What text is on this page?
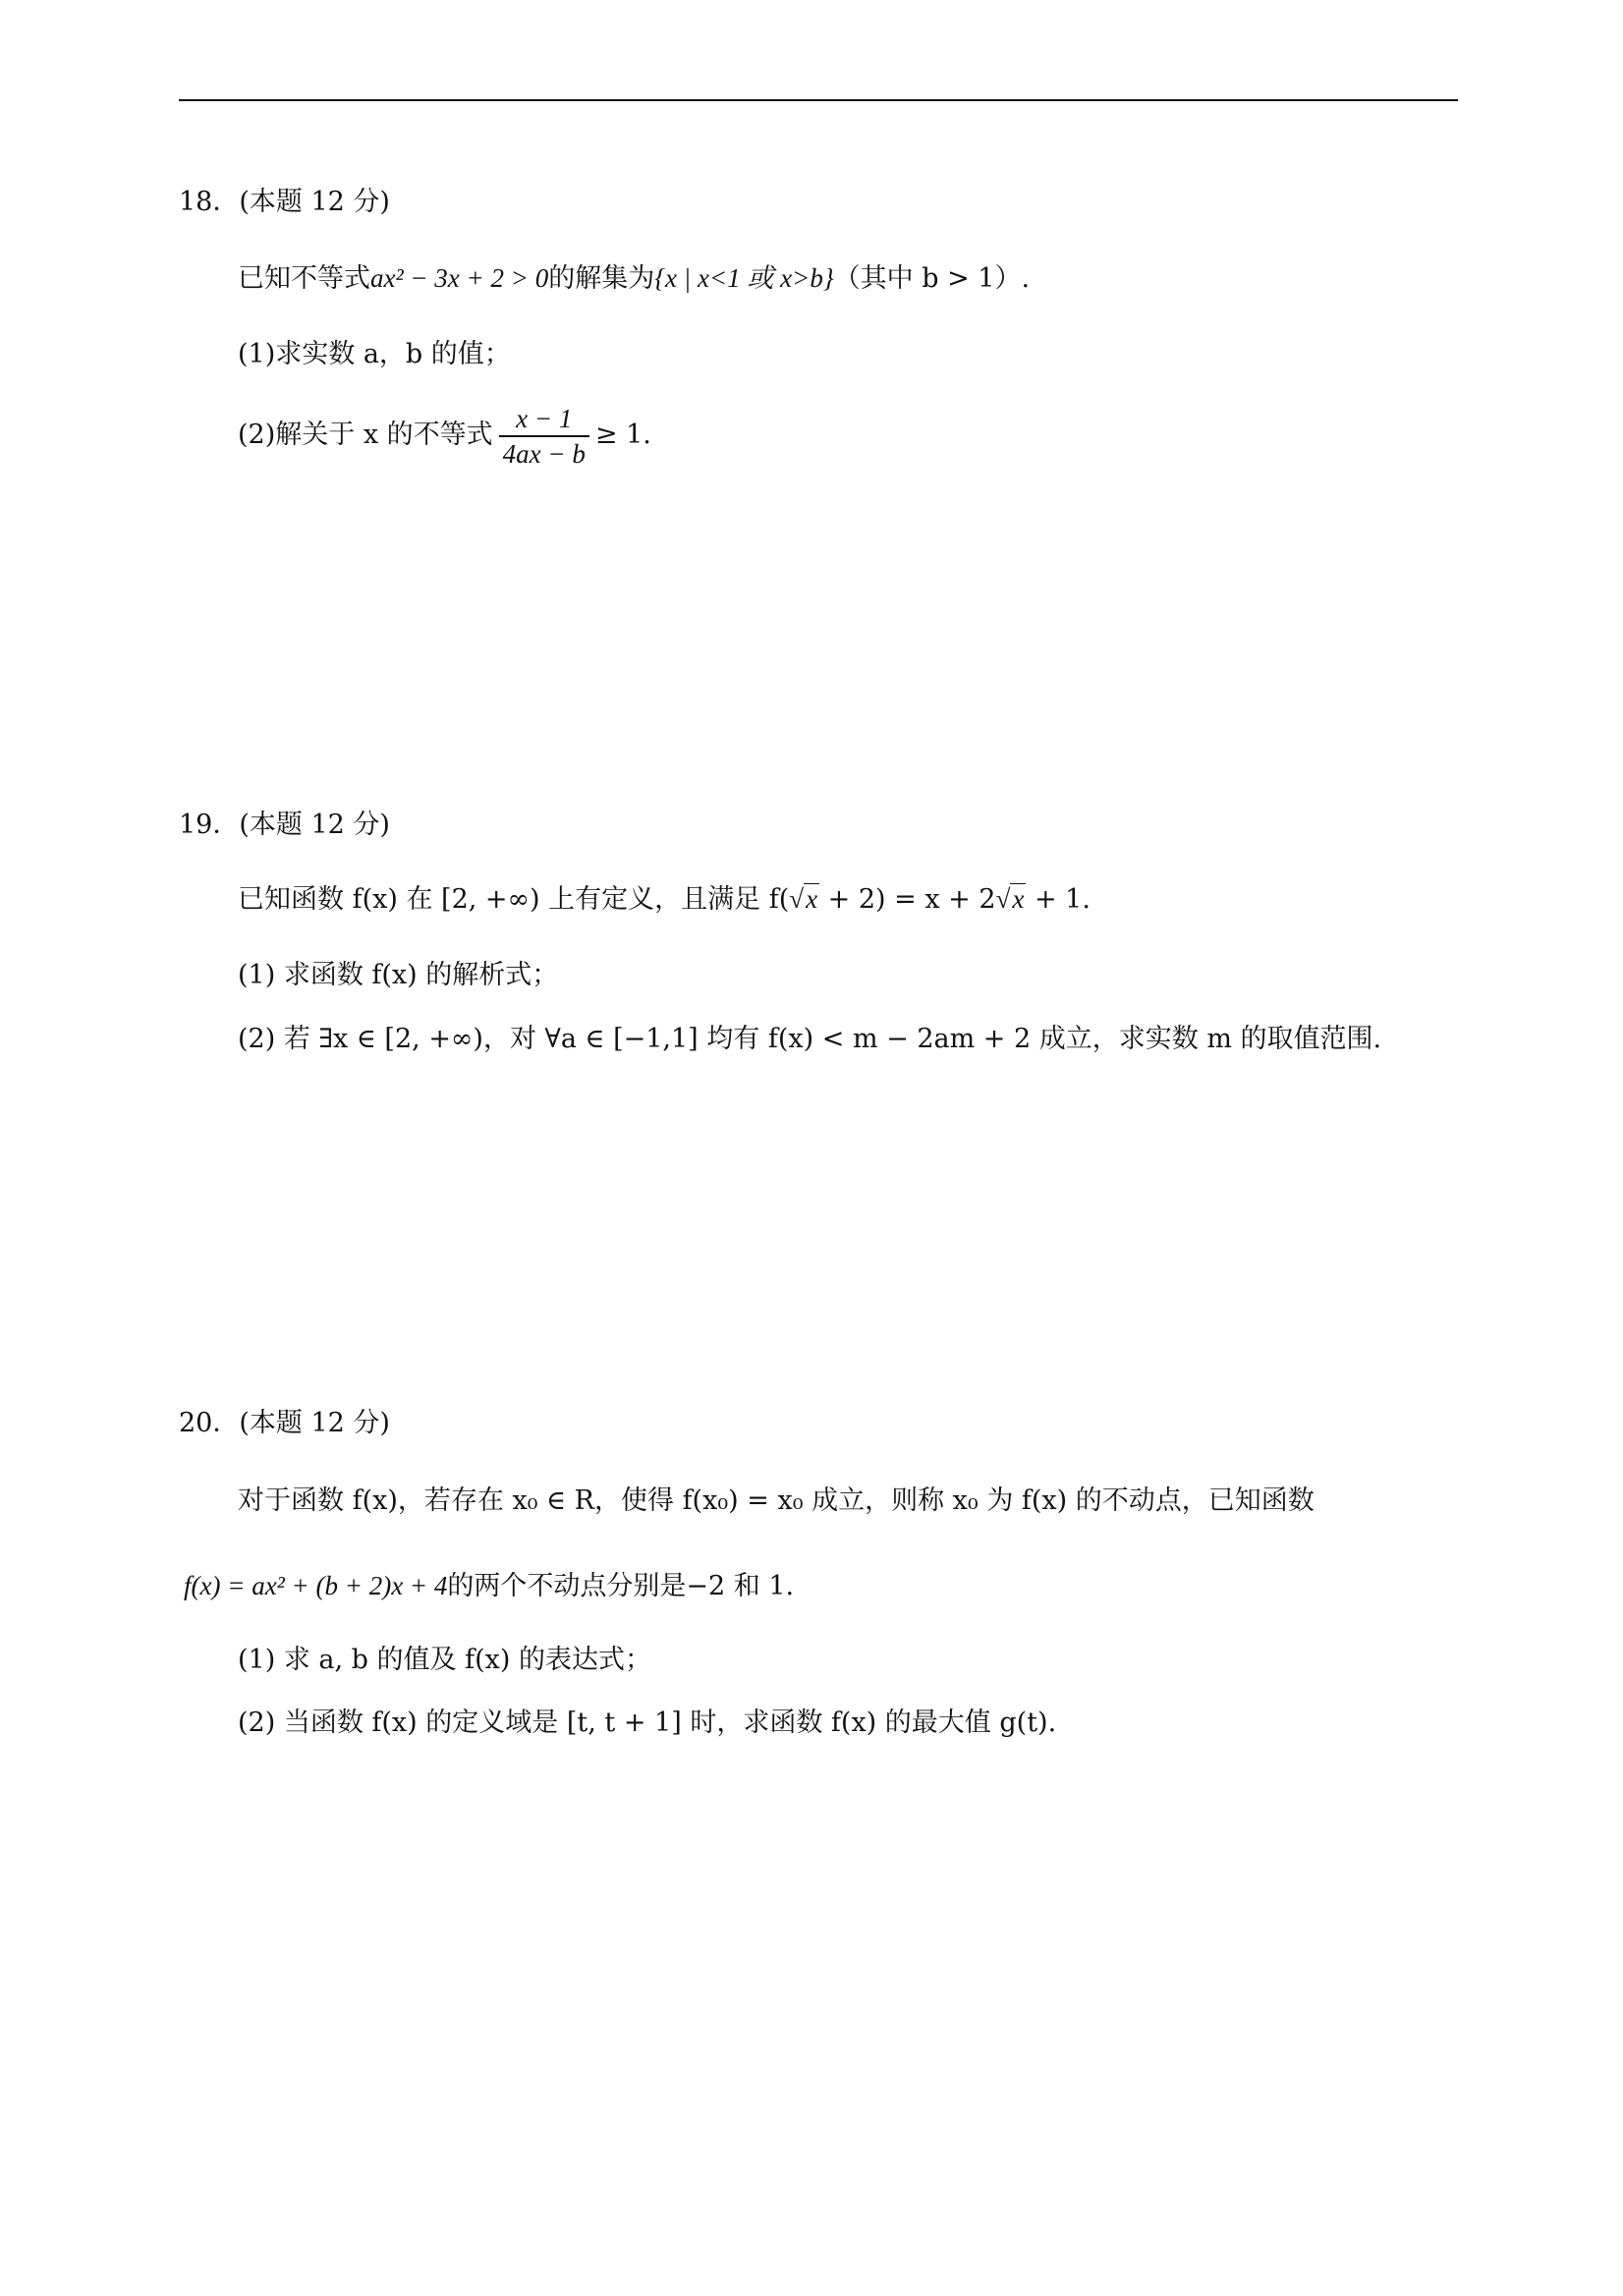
18．(本题 12 分)
已知不等式ax² − 3x + 2 > 0的解集为{x | x<1 或 x>b}（其中 b > 1）.
(1)求实数 a，b 的值；
(2)解关于 x 的不等式 $\frac{x - 1}{4ax - b} \ge 1$.
19．(本题 12 分)
已知函数 f(x) 在 [2, +∞) 上有定义，且满足 f(√x + 2) = x + 2√x + 1.
(1) 求函数 f(x) 的解析式；
(2) 若 ∃x ∈ [2, +∞)，对 ∀a ∈ [−1,1] 均有 f(x) < m − 2am + 2 成立，求实数 m 的取值范围.
20．(本题 12 分)
对于函数 f(x)，若存在 x₀ ∈ R，使得 f(x₀) = x₀ 成立，则称 x₀ 为 f(x) 的不动点，已知函数
f(x) = ax² + (b + 2)x + 4的两个不动点分别是−2 和 1.
(1) 求 a, b 的值及 f(x) 的表达式；
(2) 当函数 f(x) 的定义域是 [t, t + 1] 时，求函数 f(x) 的最大值 g(t).
